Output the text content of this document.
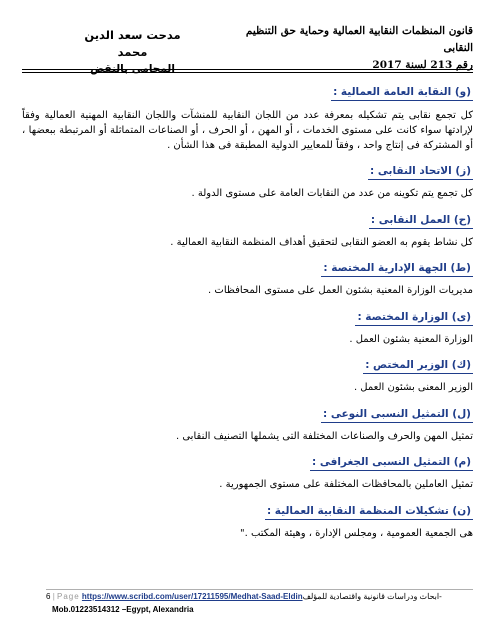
قانون المنظمات النقابية العمالية وحماية حق التنظيم النقابى
رقم 213 لسنة 2017
مدحت سعد الدين محمد
المحامى بالنقض
(و) النقابة العامة العمالية :

كل تجمع نقابى يتم تشكيله بمعرفة عدد من اللجان النقابية للمنشآت واللجان النقابية المهنية العمالية وفقاً لإرادتها سواء كانت على مستوى الخدمات ، أو المهن ، أو الحرف ، أو الصناعات المتماثلة أو المرتبطة ببعضها ، أو المشتركة فى إنتاج واحد ، وفقاً للمعايير الدولية المطبقة فى هذا الشأن .

(ز) الاتحاد النقابى :

كل تجمع يتم تكوينه من عدد من النقابات العامة على مستوى الدولة .

(ح) العمل النقابى :

كل نشاط يقوم به العضو النقابى لتحقيق أهداف المنظمة النقابية العمالية .

(ط) الجهة الإدارية المختصة :

مديريات الوزارة المعنية بشئون العمل على مستوى المحافظات .

(ى) الوزارة المختصة :

الوزارة المعنية بشئون العمل .

(ك) الوزير المختص :

الوزير المعنى بشئون العمل .

(ل) التمثيل النسبى النوعى :

تمثيل المهن والحرف والصناعات المختلفة التى يشملها التصنيف النقابى .

(م) التمثيل النسبى الجغرافى :

تمثيل العاملين بالمحافظات المختلفة على مستوى الجمهورية .

(ن) تشكيلات المنظمة النقابية العمالية :

هى الجمعية العمومية ، ومجلس الإدارة ، وهيئة المكتب ."

6 | Page https://www.scribd.com/user/17211595/Medhat-Saad-Eldinابحاث ودراسات قانونية واقتصادية للمؤلف-
Mob.01223514312 –Egypt, Alexandria
